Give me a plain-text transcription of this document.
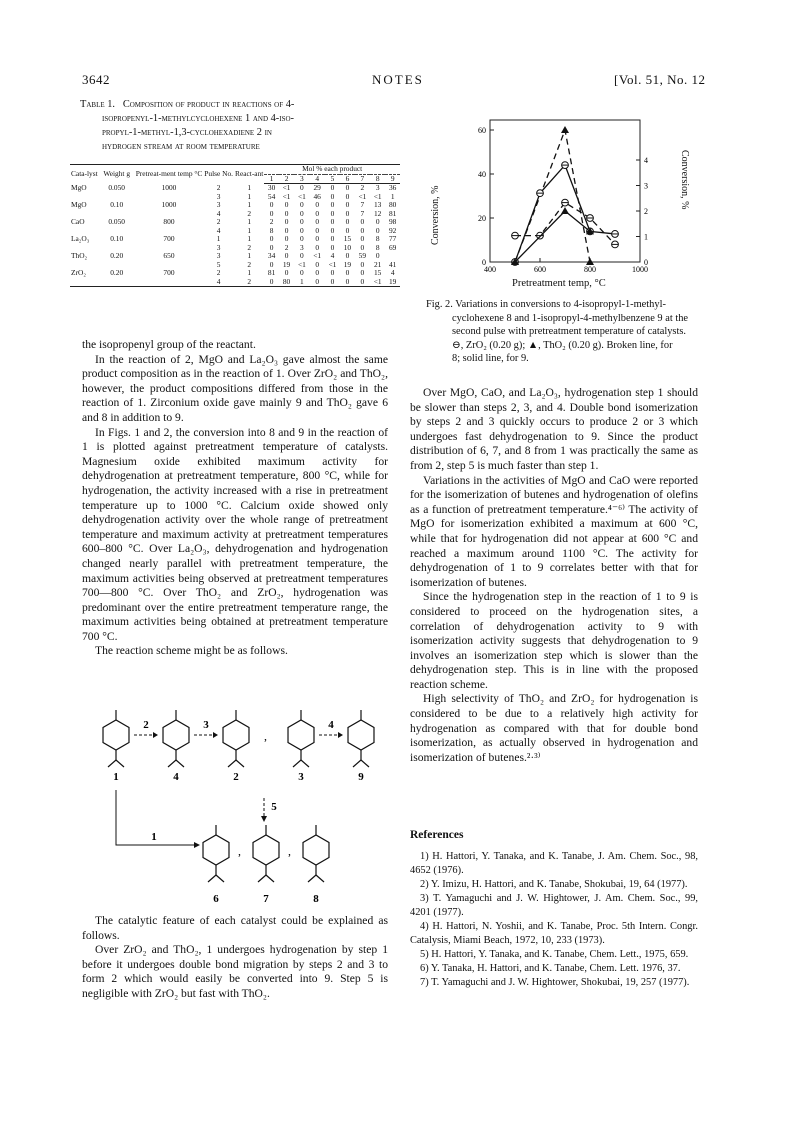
3642	NOTES	[Vol. 51, No. 12
Table 1. Composition of product in reactions of 4-
isopropenyl-1-methylcyclohexene 1 and 4-iso-
propyl-1-methyl-1,3-cyclohexadiene 2 in
hydrogen stream at room temperature
Cata-lyst	Weight g	Pretreat-ment temp °C	Pulse No.	React-ant	Mol % each product								
					1	2	3	4	5	6	7	8	9
MgO	0.050	1000	2	1	30	<1	0	29	0	0	2	3	36
			3	1	54	<1	<1	46	0	0	<1	<1	1
MgO	0.10	1000	3	1	0	0	0	0	0	0	7	13	80
			4	2	0	0	0	0	0	0	7	12	81
CaO	0.050	800	2	1	2	0	0	0	0	0	0	0	98
			4	1	8	0	0	0	0	0	0	0	92
La₂O₃	0.10	700	1	1	0	0	0	0	0	15	0	8	77
			3	2	0	2	3	0	0	10	0	8	69
ThO₂	0.20	650	3	1	34	0	0	<1	4	0	59	0	
			5	2	0	19	<1	0	<1	19	0	21	41
ZrO₂	0.20	700	2	1	81	0	0	0	0	0	0	15	4
			4	2	0	80	1	0	0	0	0	<1	19
0
20
40
60
0
1
2
3
4
400	600	800	1000
Conversion, %
Conversion, %
Pretreatment temp, °C
Fig. 2. Variations in conversions to 4-isopropyl-1-methyl-
cyclohexene 8 and 1-isopropyl-4-methylbenzene 9 at the
second pulse with pretreatment temperature of catalysts.
⊖, ZrO₂ (0.20 g); ▲, ThO₂ (0.20 g). Broken line, for
8; solid line, for 9.

the isopropenyl group of the reactant.

In the reaction of 2, MgO and La₂O₃ gave almost the same product composition as in the reaction of 1. Over ZrO₂ and ThO₂, however, the product compositions differed from those in the reaction of 1. Zirconium oxide gave mainly 9 and ThO₂ gave 6 and 8 in addition to 9.

In Figs. 1 and 2, the conversion into 8 and 9 in the reaction of 1 is plotted against pretreatment temperature of catalysts. Magnesium oxide exhibited maximum activity for dehydrogenation at pretreatment temperature, 800 °C, while for hydrogenation, the activity increased with a rise in pretreatment temperature up to 1000 °C. Calcium oxide showed only dehydrogenation activity over the whole range of pretreatment temperature and maximum activity at pretreatment temperatures 600–800 °C. Over La₂O₃, dehydrogenation and hydrogenation changed nearly parallel with pretreatment temperature, the maximum activities being observed at pretreatment temperatures 700—800 °C. Over ThO₂ and ZrO₂, hydrogenation was predominant over the entire pretreatment temperature range, the maximum activities being obtained at pretreatment temperature 700 °C.

The reaction scheme might be as follows.

1	4	2	3	9
2	3	4
,
5
1
6	7	8
,	,

The catalytic feature of each catalyst could be explained as follows.

Over ZrO₂ and ThO₂, 1 undergoes hydrogenation by step 1 before it undergoes double bond migration by steps 2 and 3 to form 2 which would easily be converted into 9. Step 5 is negligible with ZrO₂ but fast with ThO₂.

Over MgO, CaO, and La₂O₃, hydrogenation step 1 should be slower than steps 2, 3, and 4. Double bond isomerization by steps 2 and 3 quickly occurs to produce 2 or 3 which undergoes fast dehydrogenation to 9. Since the product distribution of 6, 7, and 8 from 1 was practically the same as from 2, step 5 is much faster than step 1.

Variations in the activities of MgO and CaO were reported for the isomerization of butenes and hydrogenation of olefins as a function of pretreatment temperature.⁴⁻⁶⁾ The activity of MgO for isomerization exhibited a maximum at 600 °C, while that for hydrogenation did not appear at 600 °C and reached a maximum around 1100 °C. The activity for dehydrogenation of 1 to 9 correlates better with that for isomerization of butenes.

Since the hydrogenation step in the reaction of 1 to 9 is considered to proceed on the hydrogenation sites, a correlation of dehydrogenation activity to 9 with isomerization activity suggests that dehydrogenation to 9 involves an isomerization step which is slower than the dehydrogenation step. This is in line with the proposed reaction scheme.

High selectivity of ThO₂ and ZrO₂ for hydrogenation is considered to be due to a relatively high activity for hydrogenation as compared with that for double bond isomerization, as actually observed in hydrogenation and isomerization of butenes.²·³⁾

References

1) H. Hattori, Y. Tanaka, and K. Tanabe, J. Am. Chem. Soc., 98, 4652 (1976).

2) Y. Imizu, H. Hattori, and K. Tanabe, Shokubai, 19, 64 (1977).

3) T. Yamaguchi and J. W. Hightower, J. Am. Chem. Soc., 99, 4201 (1977).

4) H. Hattori, N. Yoshii, and K. Tanabe, Proc. 5th Intern. Congr. Catalysis, Miami Beach, 1972, 10, 233 (1973).

5) H. Hattori, Y. Tanaka, and K. Tanabe, Chem. Lett., 1975, 659.

6) Y. Tanaka, H. Hattori, and K. Tanabe, Chem. Lett. 1976, 37.

7) T. Yamaguchi and J. W. Hightower, Shokubai, 19, 257 (1977).
